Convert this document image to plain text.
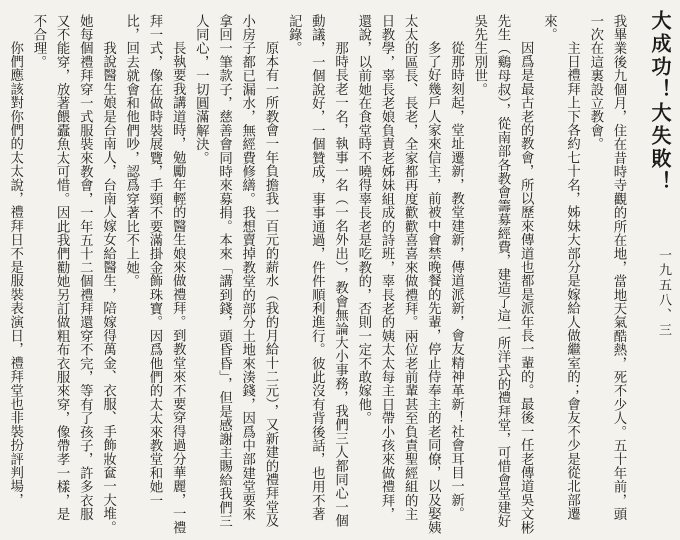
大成功！大失敗！
一九五八、三

我畢業後九個月，住在昔時寺觀的所在地，當地天氣酷熱，死不少人。五十年前，頭一次在這裏設立教會。

主日禮拜上下各約七十名，姊妹大部分是嫁給人做繼室的；會友不少是從北部遷來。

因爲是最古老的教會，所以歷來傳道也都是派年長一輩的。最後一任老傳道吳文彬先生（鷄母叔），從南部各教會籌募經費，建造了這一所洋式的禮拜堂，可惜會堂建好吳先生別世。

從那時刻起，堂址遷新，教堂建新，傳道派新，會友精神革新！社會耳目一新。

多了好幾戶人家來信主，前被中會禁晚餐的先輩，停止侍奉主的老同僚，以及娶姨太太的區長、長老，全家都再度歡歡喜喜來做禮拜。兩位老前輩甚至負責聖經組的主日教學，辜長老娘負責老姊妹組成的詩班，辜長老的姨太太每主日帶小孩來做禮拜，還說，以前她在食堂時不曉得辜長老是吃教的，否則一定不敢嫁他。

那時長老一名，執事一名（一名外出），教會無論大小事務，我們三人都同心一個動議，一個說好，一個贊成，事事通過，件件順利進行。彼此沒有背後話，也用不著記錄。

原本有一所教會一年負擔我一百元的薪水（我的月給十二元），又新建的禮拜堂及小房子都已漏水，無經費修繕。我想賣掉教堂的部分土地來湊錢，因爲中部建堂要來拿回一筆款子，慈善會同時來募捐。本來「講到錢，頭昏昏」，但是感謝主賜給我們三人同心，一切圓滿解決。

長執要我講道時，勉勵年輕的醫生娘來做禮拜。到教堂來不要穿得過分華麗，一禮拜一式，像在做時裝展覽，手頸不要滿掛金飾珠寶。因爲他們的太太來教堂和她一比，回去就會和他們吵，認爲穿著比不上她。

我說醫生娘是台南人，台南人嫁女給醫生，陪嫁得萬金、衣服、手飾妝奩一大堆。她每個禮拜穿一式服裝來教會，一年五十二個禮拜還穿不完，等有了孩子，許多衣服又不能穿，放著餵蠹魚太可惜。因此我們勸她另訂做粗布衣服來穿，像帶孝一樣，是不合理。

你們應該對你們的太太說，禮拜日不是服裝表演日，禮拜堂也非裝扮評判場，
